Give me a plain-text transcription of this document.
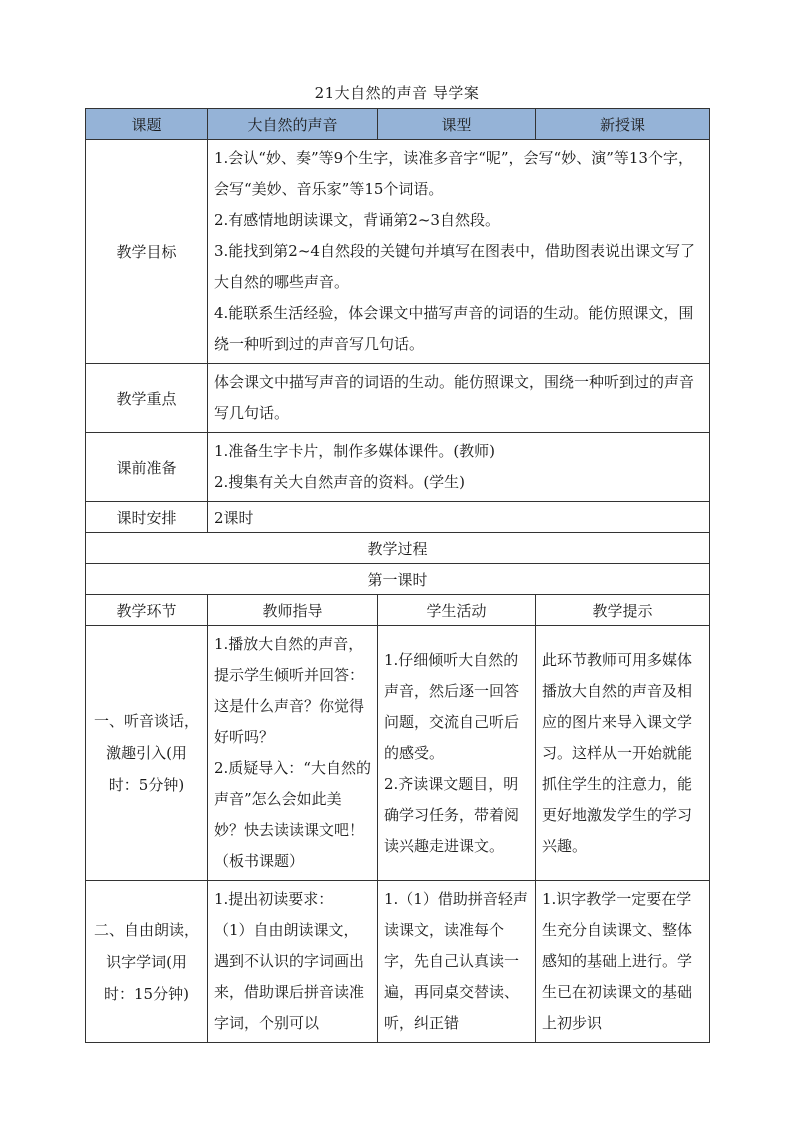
21大自然的声音 导学案
课题	大自然的声音	课型	新授课
教学目标	1.会认“妙、奏”等9个生字，读准多音字“呢”，会写“妙、演”等13个字，会写“美妙、音乐家”等15个词语。
2.有感情地朗读课文，背诵第2~3自然段。
3.能找到第2~4自然段的关键句并填写在图表中，借助图表说出课文写了大自然的哪些声音。
4.能联系生活经验，体会课文中描写声音的词语的生动。能仿照课文，围绕一种听到过的声音写几句话。		

教学重点	体会课文中描写声音的词语的生动。能仿照课文，围绕一种听到过的声音写几句话。		
课前准备	1.准备生字卡片，制作多媒体课件。(教师)
2.搜集有关大自然声音的资料。(学生)		

课时安排	2课时		
教学过程			
第一课时			
教学环节	教师指导	学生活动	教学提示
一、听音谈话，激趣引入(用时：5分钟)	1.播放大自然的声音，提示学生倾听并回答：这是什么声音？你觉得好听吗？
2.质疑导入：“大自然的声音”怎么会如此美妙？快去读读课文吧！（板书课题）	1.仔细倾听大自然的声音，然后逐一回答问题，交流自己听后的感受。
2.齐读课文题目，明确学习任务，带着阅读兴趣走进课文。	此环节教师可用多媒体播放大自然的声音及相应的图片来导入课文学习。这样从一开始就能抓住学生的注意力，能更好地激发学生的学习兴趣。
二、自由朗读，识字学词(用时：15分钟)	1.提出初读要求：
（1）自由朗读课文，遇到不认识的字词画出来，借助课后拼音读准字词，个别可以	1.（1）借助拼音轻声读课文，读准每个字，先自己认真读一遍，再同桌交替读、听，纠正错	1.识字教学一定要在学生充分自读课文、整体感知的基础上进行。学生已在初读课文的基础上初步识
